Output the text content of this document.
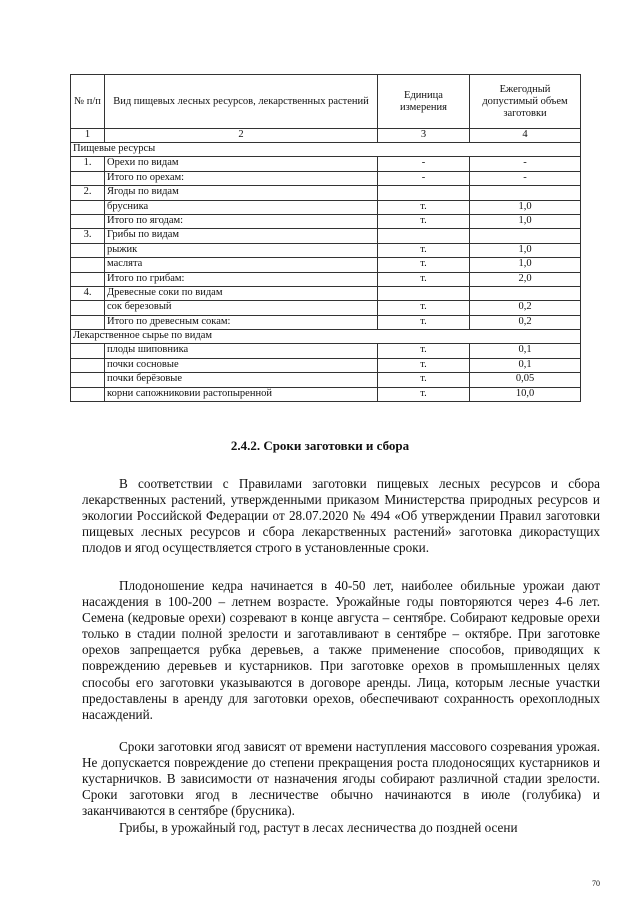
№ п/п	Вид пищевых лесных ресурсов, лекарственных растений	Единица измерения	Ежегодный допустимый объем заготовки
1	2	3	4
Пищевые ресурсы			
1.	Орехи по видам	-	-
	Итого по орехам:	-	-
2.	Ягоды по видам		
	брусника	т.	1,0
	Итого по ягодам:	т.	1,0
3.	Грибы по видам		
	рыжик	т.	1,0
	маслята	т.	1,0
	Итого по грибам:	т.	2,0
4.	Древесные соки по видам		
	сок березовый	т.	0,2
	Итого по древесным сокам:	т.	0,2
Лекарственное сырье по видам			
	плоды шиповника	т.	0,1
	почки сосновые	т.	0,1
	почки берёзовые	т.	0,05
	корни сапожниковии растопыренной	т.	10,0
2.4.2. Сроки заготовки и сбора

В соответствии с Правилами заготовки пищевых лесных ресурсов и сбора лекарственных растений, утвержденными приказом Министерства природных ресурсов и экологии Российской Федерации от 28.07.2020 № 494 «Об утверждении Правил заготовки пищевых лесных ресурсов и сбора лекарственных растений» заготовка дикорастущих плодов и ягод осуществляется строго в установленные сроки.

Плодоношение кедра начинается в 40-50 лет, наиболее обильные урожаи дают насаждения в 100-200 – летнем возрасте. Урожайные годы повторяются через 4-6 лет. Семена (кедровые орехи) созревают в конце августа – сентябре. Собирают кедровые орехи только в стадии полной зрелости и заготавливают в сентябре – октябре. При заготовке орехов запрещается рубка деревьев, а также применение способов, приводящих к повреждению деревьев и кустарников. При заготовке орехов в промышленных целях способы его заготовки указываются в договоре аренды. Лица, которым лесные участки предоставлены в аренду для заготовки орехов, обеспечивают сохранность орехоплодных насаждений.

Сроки заготовки ягод зависят от времени наступления массового созревания урожая. Не допускается повреждение до степени прекращения роста плодоносящих кустарников и кустарничков. В зависимости от назначения ягоды собирают различной стадии зрелости. Сроки заготовки ягод в лесничестве обычно начинаются в июле (голубика) и заканчиваются в сентябре (брусника).

Грибы, в урожайный год, растут в лесах лесничества до поздней осени

70
